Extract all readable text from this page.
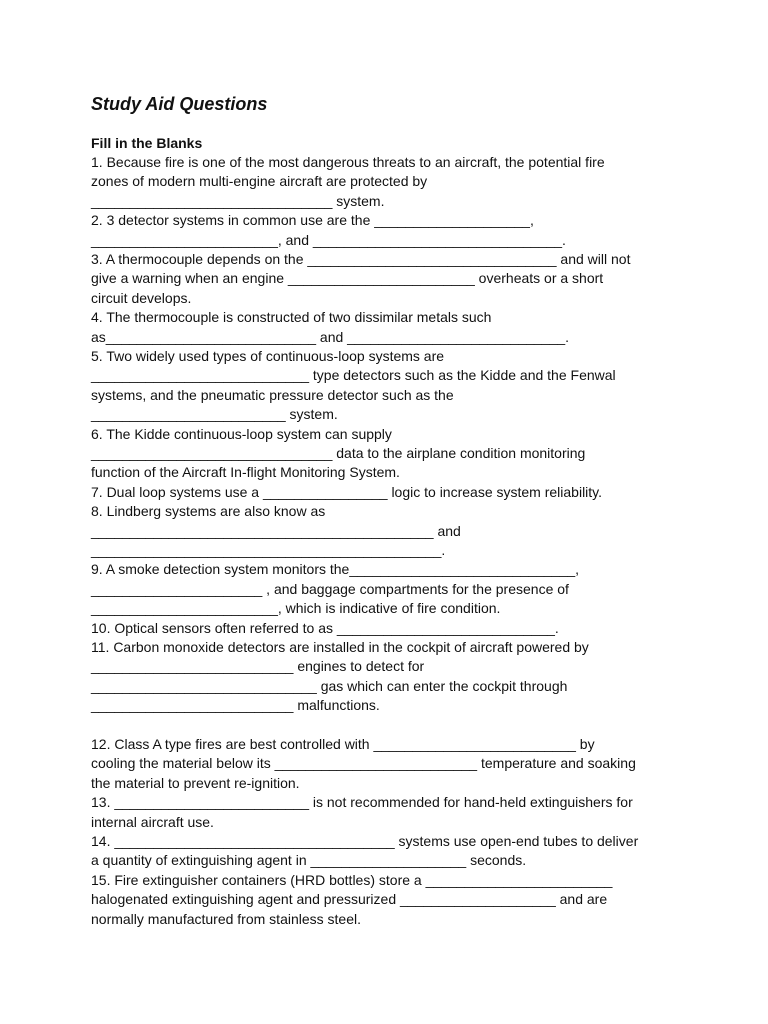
Study Aid Questions
Fill in the Blanks

1. Because fire is one of the most dangerous threats to an aircraft, the potential fire

zones of modern multi-engine aircraft are protected by

_______________________________ system.

2. 3 detector systems in common use are the ____________________,

________________________, and ________________________________.

3. A thermocouple depends on the ________________________________ and will not

give a warning when an engine ________________________ overheats or a short

circuit develops.

4. The thermocouple is constructed of two dissimilar metals such

as___________________________ and ____________________________.

5. Two widely used types of continuous-loop systems are

____________________________ type detectors such as the Kidde and the Fenwal

systems, and the pneumatic pressure detector such as the

_________________________ system.

6. The Kidde continuous-loop system can supply

_______________________________ data to the airplane condition monitoring

function of the Aircraft In-flight Monitoring System.

7. Dual loop systems use a ________________ logic to increase system reliability.

8. Lindberg systems are also know as

____________________________________________ and

_____________________________________________.

9. A smoke detection system monitors the_____________________________,

______________________ , and baggage compartments for the presence of

________________________, which is indicative of fire condition.

10. Optical sensors often referred to as ____________________________.

11. Carbon monoxide detectors are installed in the cockpit of aircraft powered by

__________________________ engines to detect for

_____________________________ gas which can enter the cockpit through

__________________________ malfunctions.

12. Class A type fires are best controlled with __________________________ by

cooling the material below its __________________________ temperature and soaking

the material to prevent re-ignition.

13. _________________________ is not recommended for hand-held extinguishers for

internal aircraft use.

14. ____________________________________ systems use open-end tubes to deliver

a quantity of extinguishing agent in ____________________ seconds.

15. Fire extinguisher containers (HRD bottles) store a ________________________

halogenated extinguishing agent and pressurized ____________________ and are

normally manufactured from stainless steel.
